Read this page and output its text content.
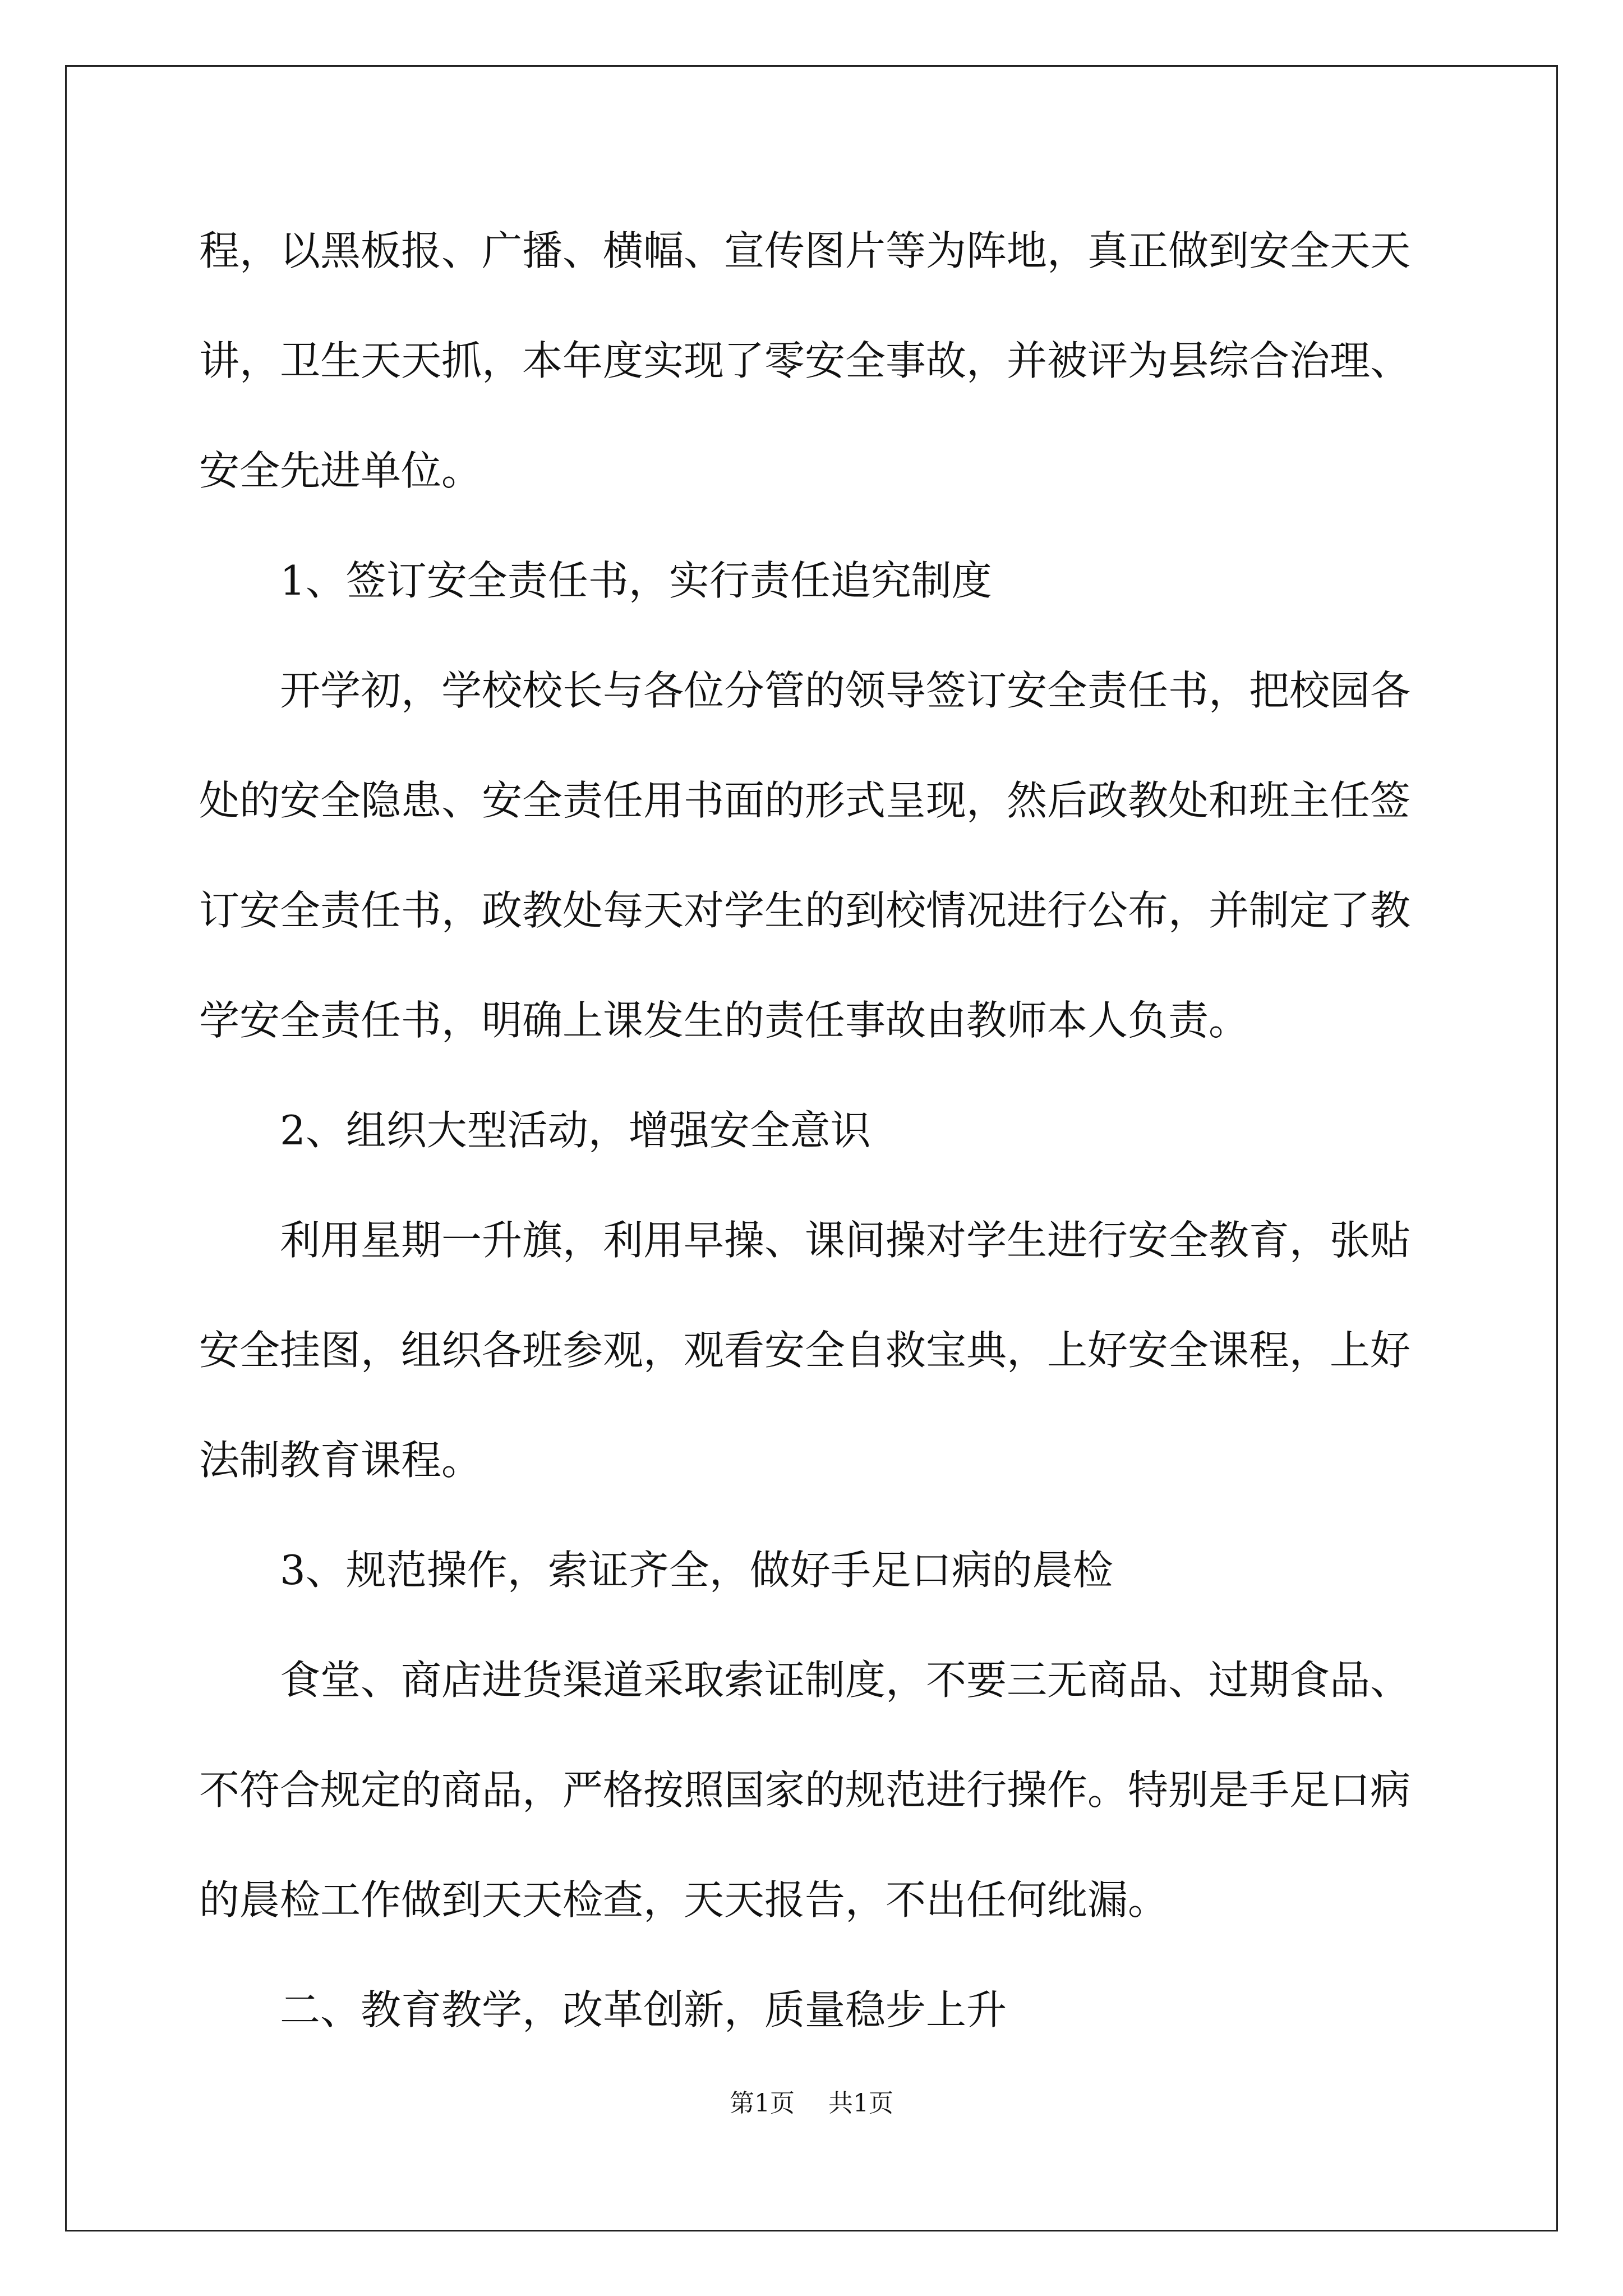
程，以黑板报、广播、横幅、宣传图片等为阵地，真正做到安全天天
讲，卫生天天抓，本年度实现了零安全事故，并被评为县综合治理、
安全先进单位。
1、签订安全责任书，实行责任追究制度
开学初，学校校长与各位分管的领导签订安全责任书，把校园各
处的安全隐患、安全责任用书面的形式呈现，然后政教处和班主任签
订安全责任书，政教处每天对学生的到校情况进行公布，并制定了教
学安全责任书，明确上课发生的责任事故由教师本人负责。
2、组织大型活动，增强安全意识
利用星期一升旗，利用早操、课间操对学生进行安全教育，张贴
安全挂图，组织各班参观，观看安全自救宝典，上好安全课程，上好
法制教育课程。
3、规范操作，索证齐全，做好手足口病的晨检
食堂、商店进货渠道采取索证制度，不要三无商品、过期食品、
不符合规定的商品，严格按照国家的规范进行操作。特别是手足口病
的晨检工作做到天天检查，天天报告，不出任何纰漏。
二、教育教学，改革创新，质量稳步上升
第1页 共1页
